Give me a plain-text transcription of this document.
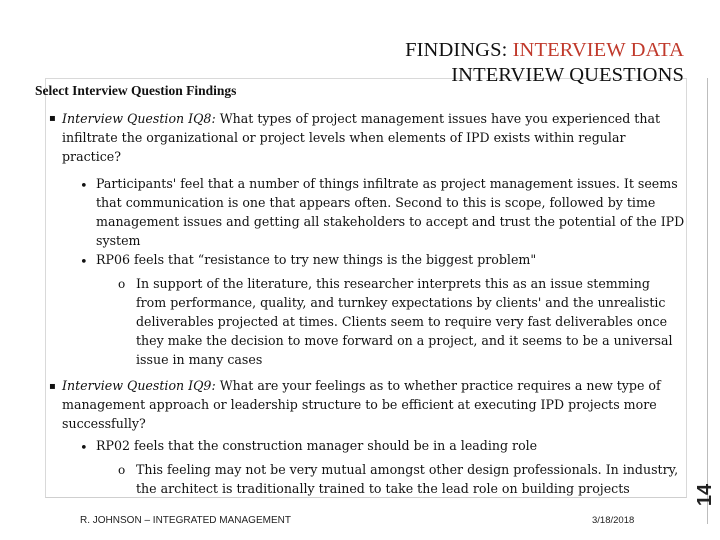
FINDINGS: INTERVIEW DATA
INTERVIEW QUESTIONS
Select Interview Question Findings
▪ Interview Question IQ8: What types of project management issues have you experienced that infiltrate the organizational or project levels when elements of IPD exists within regular practice?
• Participants' feel that a number of things infiltrate as project management issues. It seems that communication is one that appears often. Second to this is scope, followed by time management issues and getting all stakeholders to accept and trust the potential of the IPD system
• RP06 feels that “resistance to try new things is the biggest problem"
o In support of the literature, this researcher interprets this as an issue stemming from performance, quality, and turnkey expectations by clients' and the unrealistic deliverables projected at times. Clients seem to require very fast deliverables once they make the decision to move forward on a project, and it seems to be a universal issue in many cases
▪ Interview Question IQ9: What are your feelings as to whether practice requires a new type of management approach or leadership structure to be efficient at executing IPD projects more successfully?
• RP02 feels that the construction manager should be in a leading role
o This feeling may not be very mutual amongst other design professionals. In industry, the architect is traditionally trained to take the lead role on building projects
R. JOHNSON – INTEGRATED MANAGEMENT	3/18/2018
14
